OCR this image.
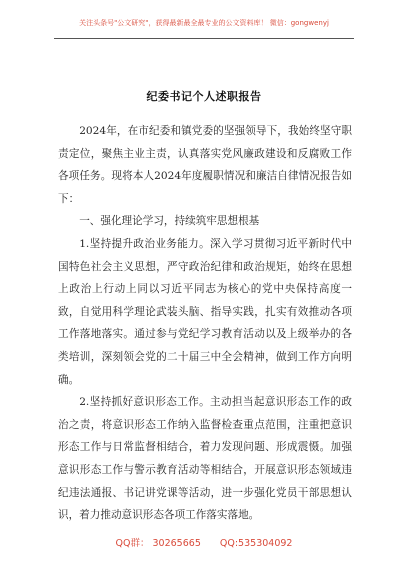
关注头条号"公文研究"，获得最新最全最专业的公文资料库！ 微信：gongwenyj
纪委书记个人述职报告

2024年，在市纪委和镇党委的坚强领导下，我始终坚守职责定位，聚焦主业主责，认真落实党风廉政建设和反腐败工作各项任务。现将本人2024年度履职情况和廉洁自律情况报告如下：

一、强化理论学习，持续筑牢思想根基

1.坚持提升政治业务能力。深入学习贯彻习近平新时代中国特色社会主义思想，严守政治纪律和政治规矩，始终在思想上政治上行动上同以习近平同志为核心的党中央保持高度一致，自觉用科学理论武装头脑、指导实践，扎实有效推动各项工作落地落实。通过参与党纪学习教育活动以及上级举办的各类培训，深刻领会党的二十届三中全会精神，做到工作方向明确。

2.坚持抓好意识形态工作。主动担当起意识形态工作的政治之责，将意识形态工作纳入监督检查重点范围，注重把意识形态工作与日常监督相结合，着力发现问题、形成震慑。加强意识形态工作与警示教育活动等相结合，开展意识形态领域违纪违法通报、书记讲党课等活动，进一步强化党员干部思想认识，着力推动意识形态各项工作落实落地。

QQ群： 30265665 QQ:535304092
